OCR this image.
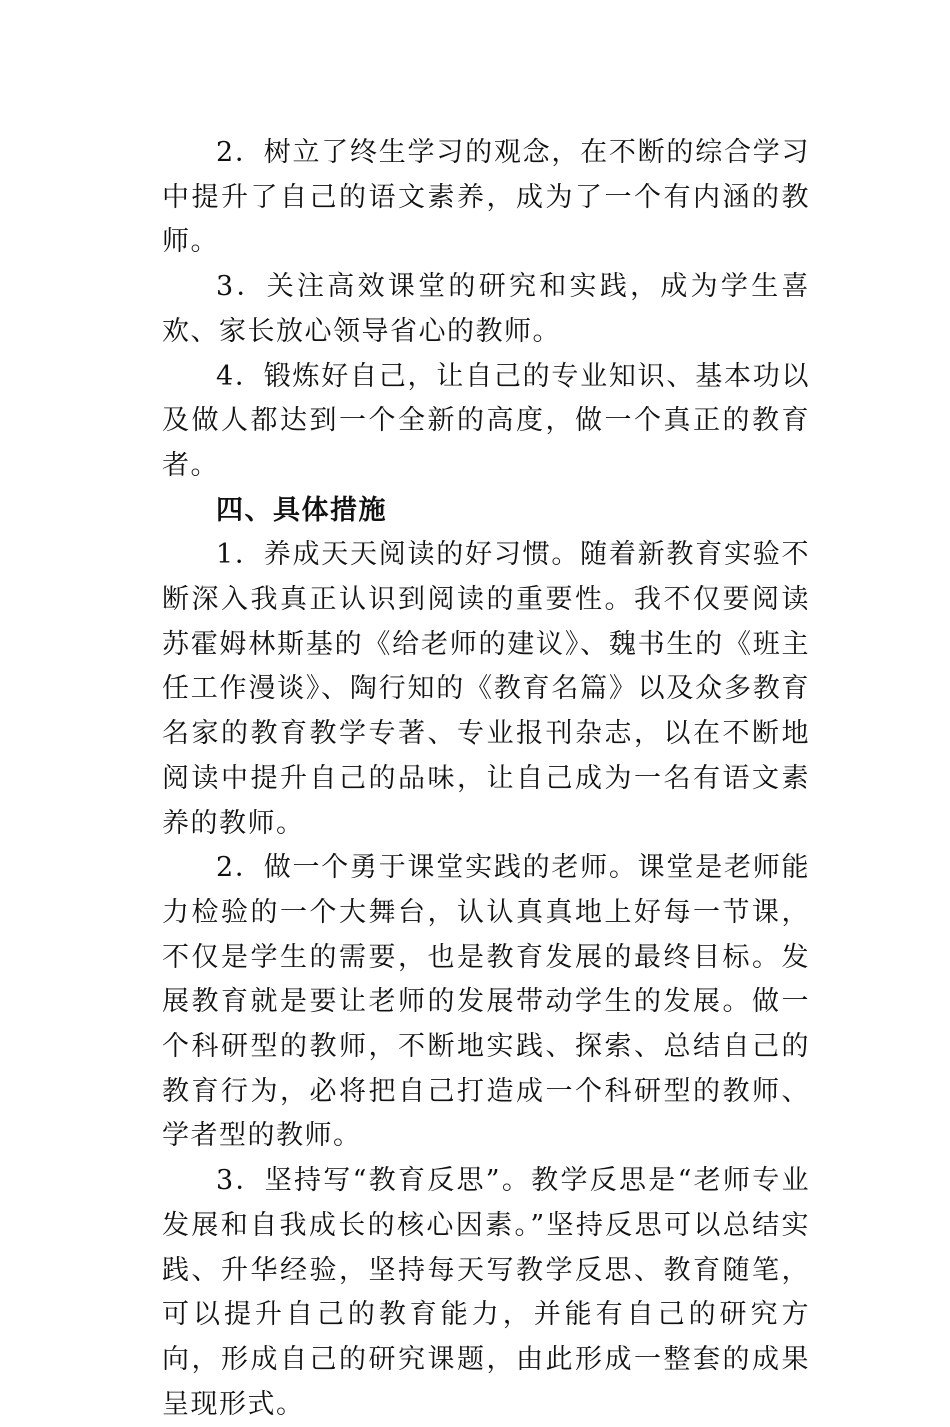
2．树立了终生学习的观念，在不断的综合学习中提升了自己的语文素养，成为了一个有内涵的教师。

3．关注高效课堂的研究和实践，成为学生喜欢、家长放心领导省心的教师。

4．锻炼好自己，让自己的专业知识、基本功以及做人都达到一个全新的高度，做一个真正的教育者。

四、具体措施

1．养成天天阅读的好习惯。随着新教育实验不断深入我真正认识到阅读的重要性。我不仅要阅读苏霍姆林斯基的《给老师的建议》、魏书生的《班主任工作漫谈》、陶行知的《教育名篇》以及众多教育名家的教育教学专著、专业报刊杂志，以在不断地阅读中提升自己的品味，让自己成为一名有语文素养的教师。

2．做一个勇于课堂实践的老师。课堂是老师能力检验的一个大舞台，认认真真地上好每一节课，不仅是学生的需要，也是教育发展的最终目标。发展教育就是要让老师的发展带动学生的发展。做一个科研型的教师，不断地实践、探索、总结自己的教育行为，必将把自己打造成一个科研型的教师、学者型的教师。

3．坚持写“教育反思”。教学反思是“老师专业发展和自我成长的核心因素。”坚持反思可以总结实践、升华经验，坚持每天写教学反思、教育随笔，可以提升自己的教育能力，并能有自己的研究方向，形成自己的研究课题，由此形成一整套的成果呈现形式。
